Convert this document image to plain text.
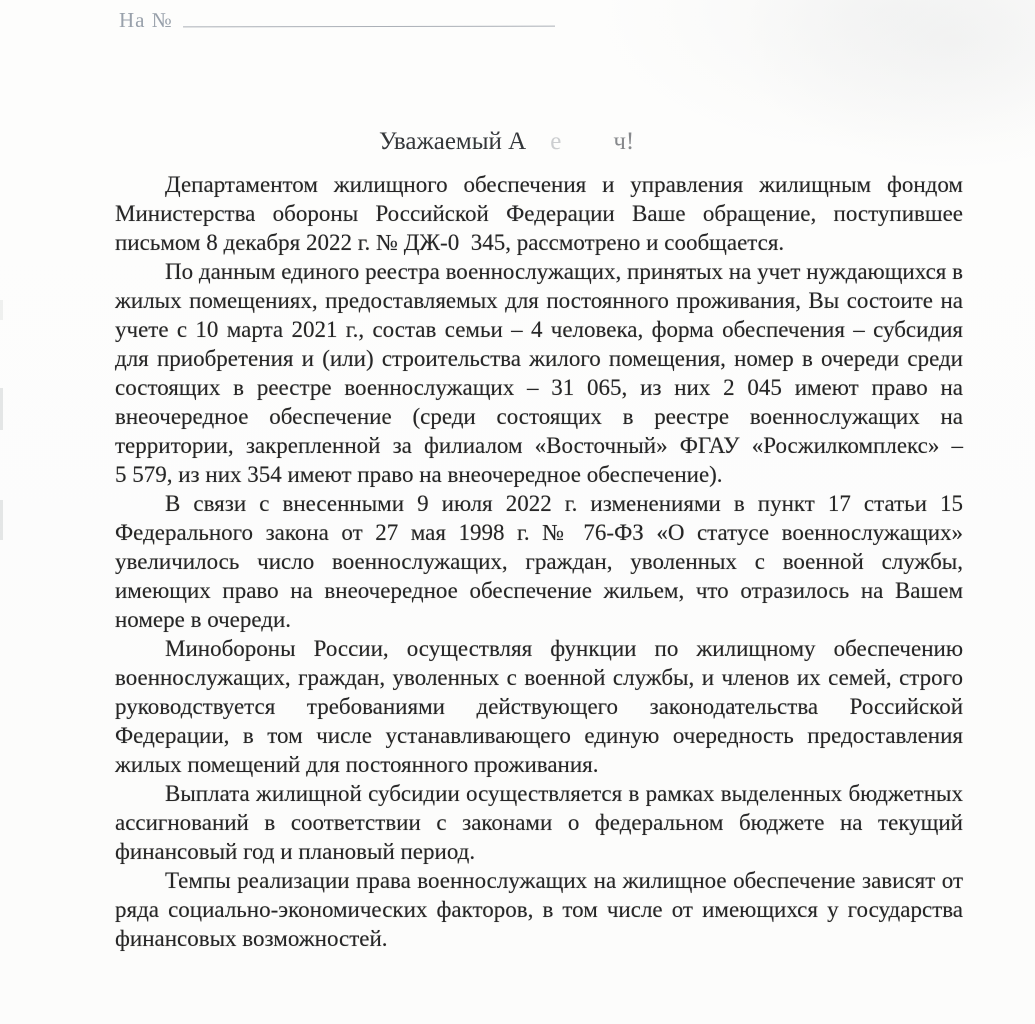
На №
Уважаемый А е ч!

Департаментом жилищного обеспечения и управления жилищным фондом Министерства обороны Российской Федерации Ваше обращение, поступившее письмом 8 декабря 2022 г. № ДЖ-0 345, рассмотрено и сообщается.

По данным единого реестра военнослужащих, принятых на учет нуждающихся в жилых помещениях, предоставляемых для постоянного проживания, Вы состоите на учете с 10 марта 2021 г., состав семьи – 4 человека, форма обеспечения – субсидия для приобретения и (или) строительства жилого помещения, номер в очереди среди состоящих в реестре военнослужащих – 31 065, из них 2 045 имеют право на внеочередное обеспечение (среди состоящих в реестре военнослужащих на территории, закрепленной за филиалом «Восточный» ФГАУ «Росжилкомплекс» – 5 579, из них 354 имеют право на внеочередное обеспечение).

В связи с внесенными 9 июля 2022 г. изменениями в пункт 17 статьи 15 Федерального закона от 27 мая 1998 г. № 76-ФЗ «О статусе военнослужащих» увеличилось число военнослужащих, граждан, уволенных с военной службы, имеющих право на внеочередное обеспечение жильем, что отразилось на Вашем номере в очереди.

Минобороны России, осуществляя функции по жилищному обеспечению военнослужащих, граждан, уволенных с военной службы, и членов их семей, строго руководствуется требованиями действующего законодательства Российской Федерации, в том числе устанавливающего единую очередность предоставления жилых помещений для постоянного проживания.

Выплата жилищной субсидии осуществляется в рамках выделенных бюджетных ассигнований в соответствии с законами о федеральном бюджете на текущий финансовый год и плановый период.

Темпы реализации права военнослужащих на жилищное обеспечение зависят от ряда социально-экономических факторов, в том числе от имеющихся у государства финансовых возможностей.
